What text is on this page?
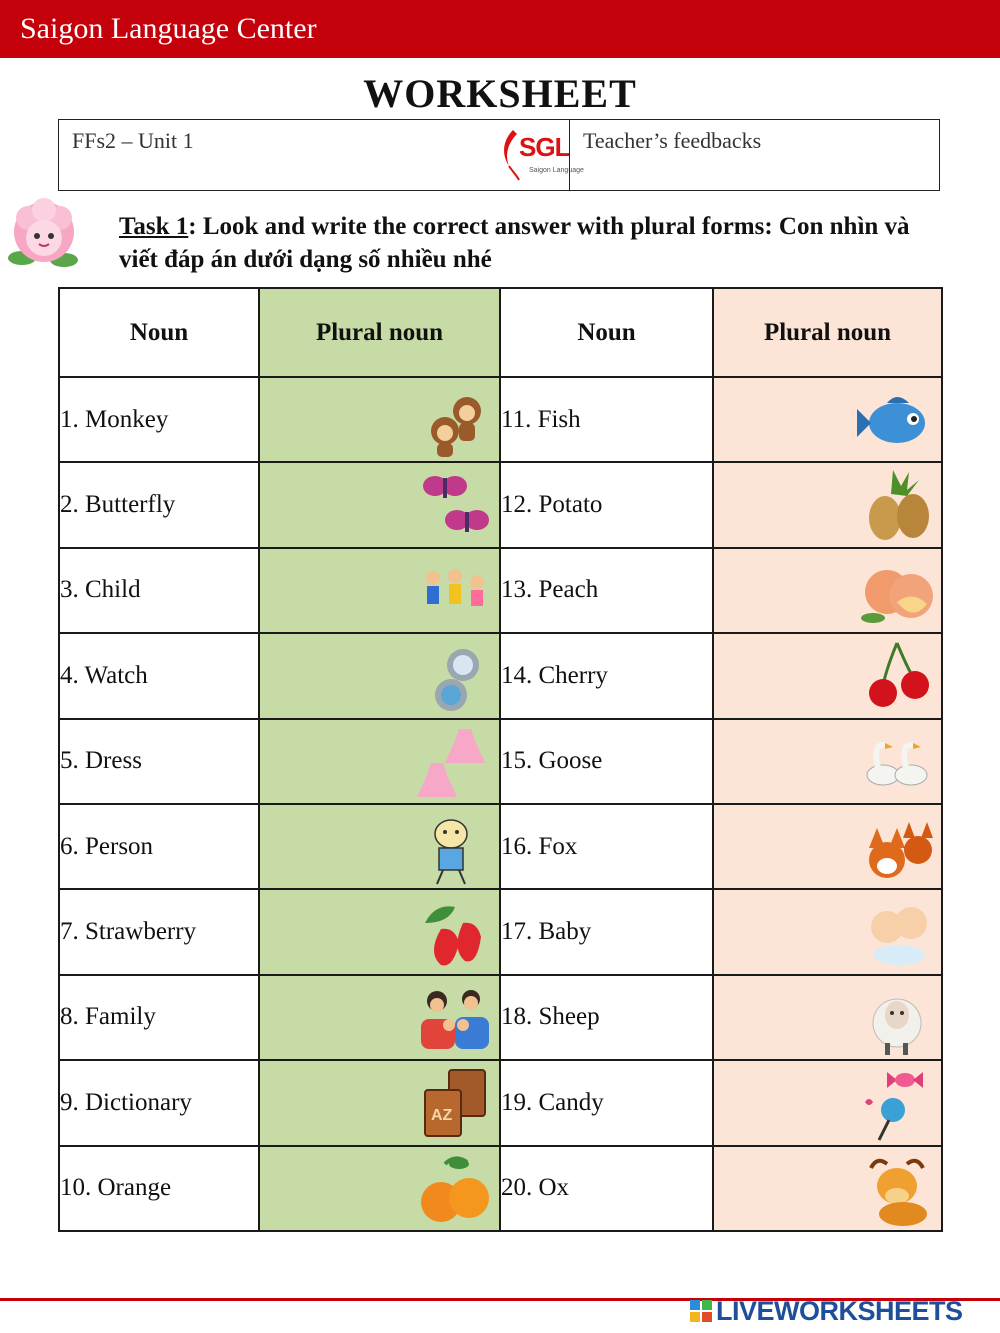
Saigon Language Center
WORKSHEET
FFs2 – Unit 1	SGL
Saigon Language
Teacher’s feedbacks
Task 1: Look and write the correct answer with plural forms: Con nhìn và viết đáp án dưới dạng số nhiều nhé
Noun	Plural noun	Noun	Plural noun
1. Monkey		11. Fish	

2. Butterfly		12. Potato	

3. Child		13. Peach	

4. Watch		14. Cherry	

5. Dress		15. Goose	

6. Person		16. Fox	

7. Strawberry		17. Baby	

8. Family		18. Sheep	

9. Dictionary	AZ	19. Candy	

10. Orange		20. Ox	
LIVEWORKSHEETS
